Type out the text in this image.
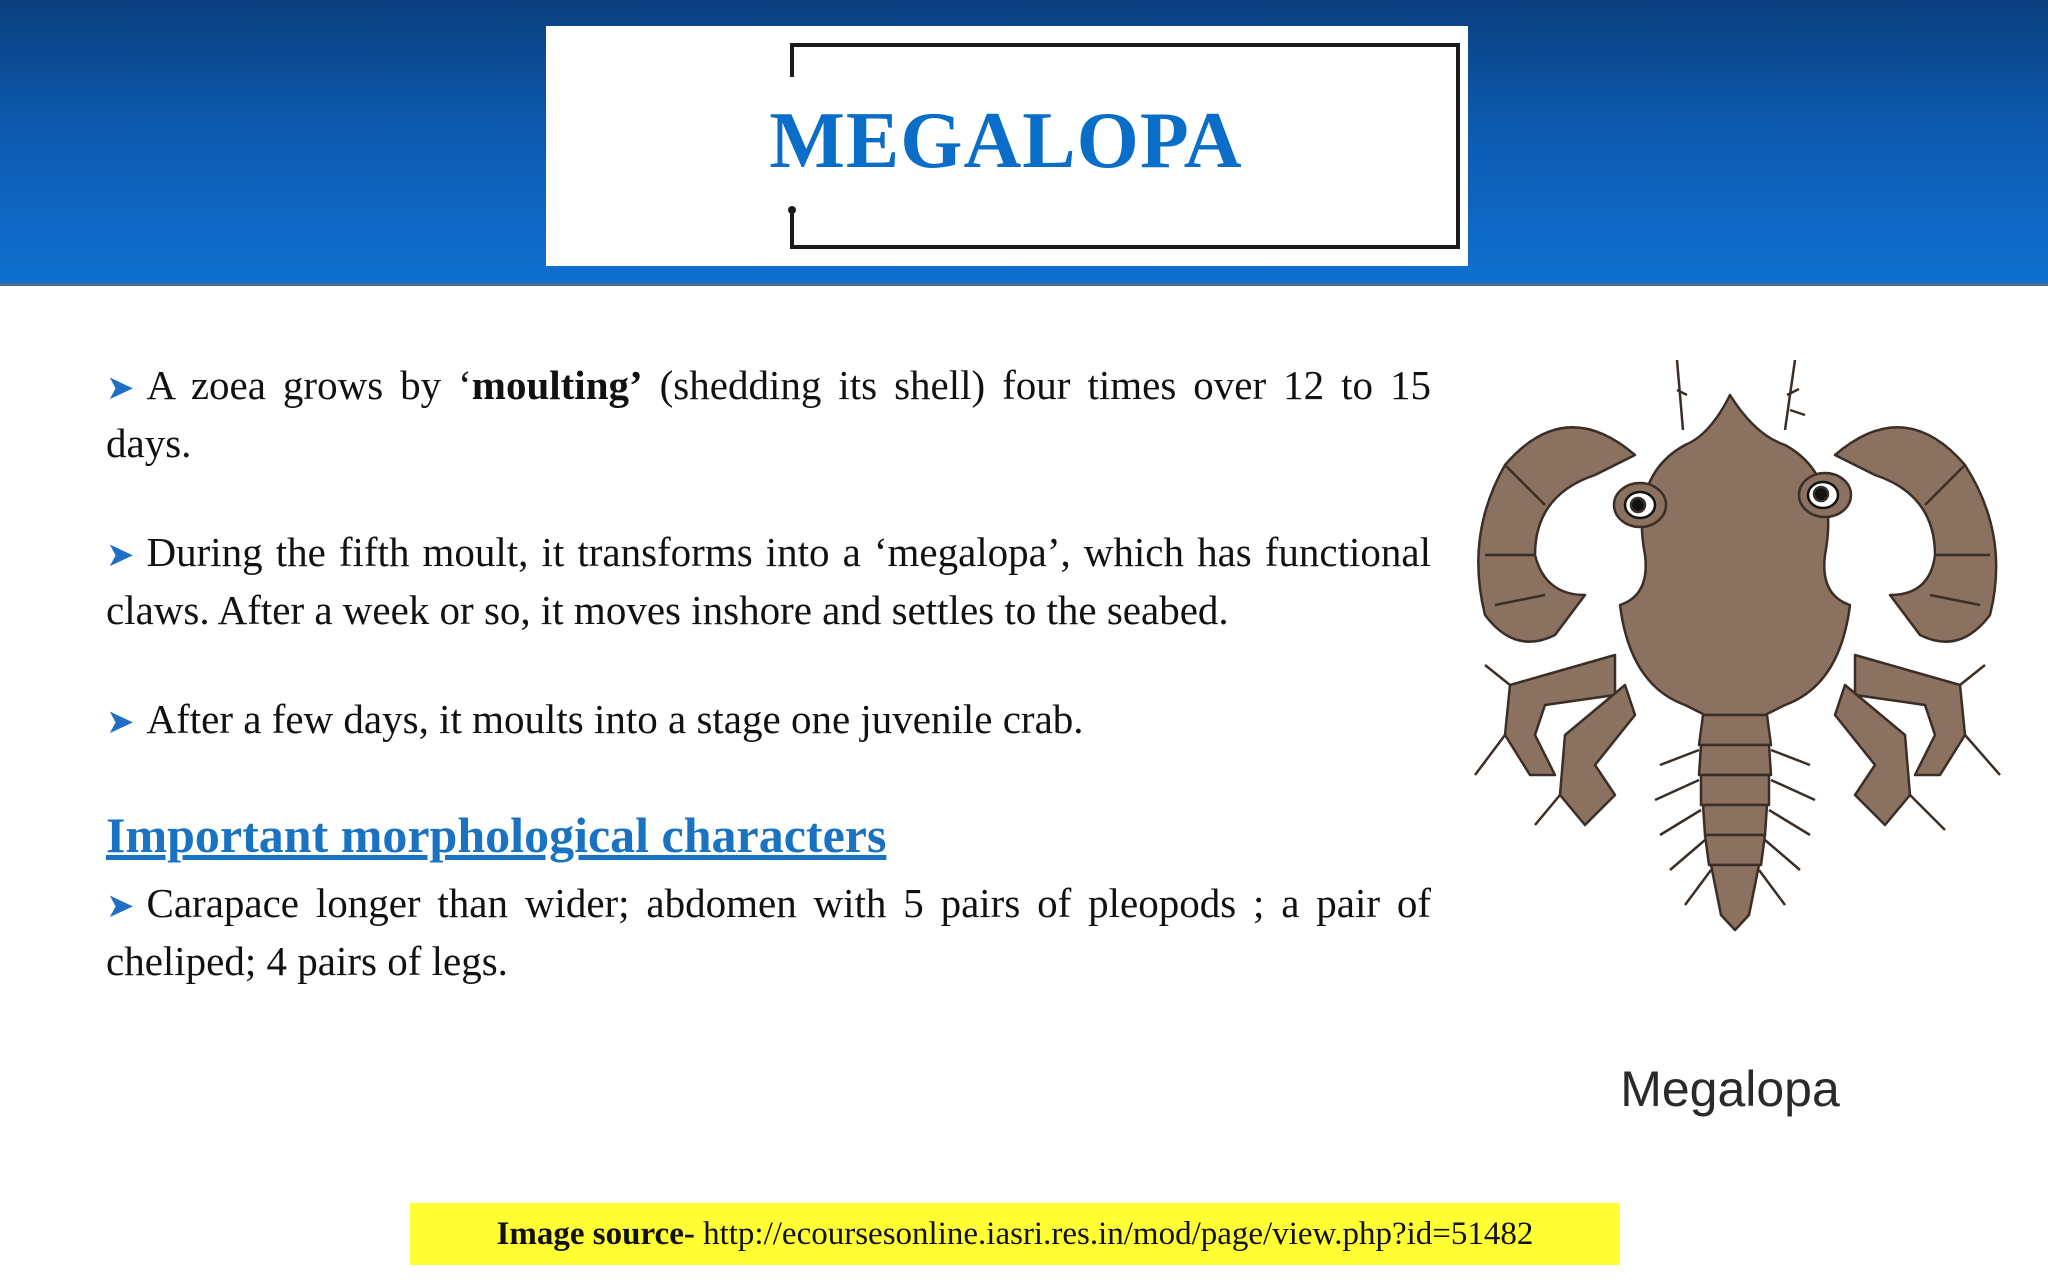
MEGALOPA

➤ A zoea grows by ‘moulting’ (shedding its shell) four times over 12 to 15 days.

➤ During the fifth moult, it transforms into a ‘megalopa’, which has functional claws. After a week or so, it moves inshore and settles to the seabed.

➤ After a few days, it moults into a stage one juvenile crab.

Important morphological characters

➤ Carapace longer than wider; abdomen with 5 pairs of pleopods ; a pair of cheliped; 4 pairs of legs.

Megalopa
Image source- http://ecoursesonline.iasri.res.in/mod/page/view.php?id=51482
